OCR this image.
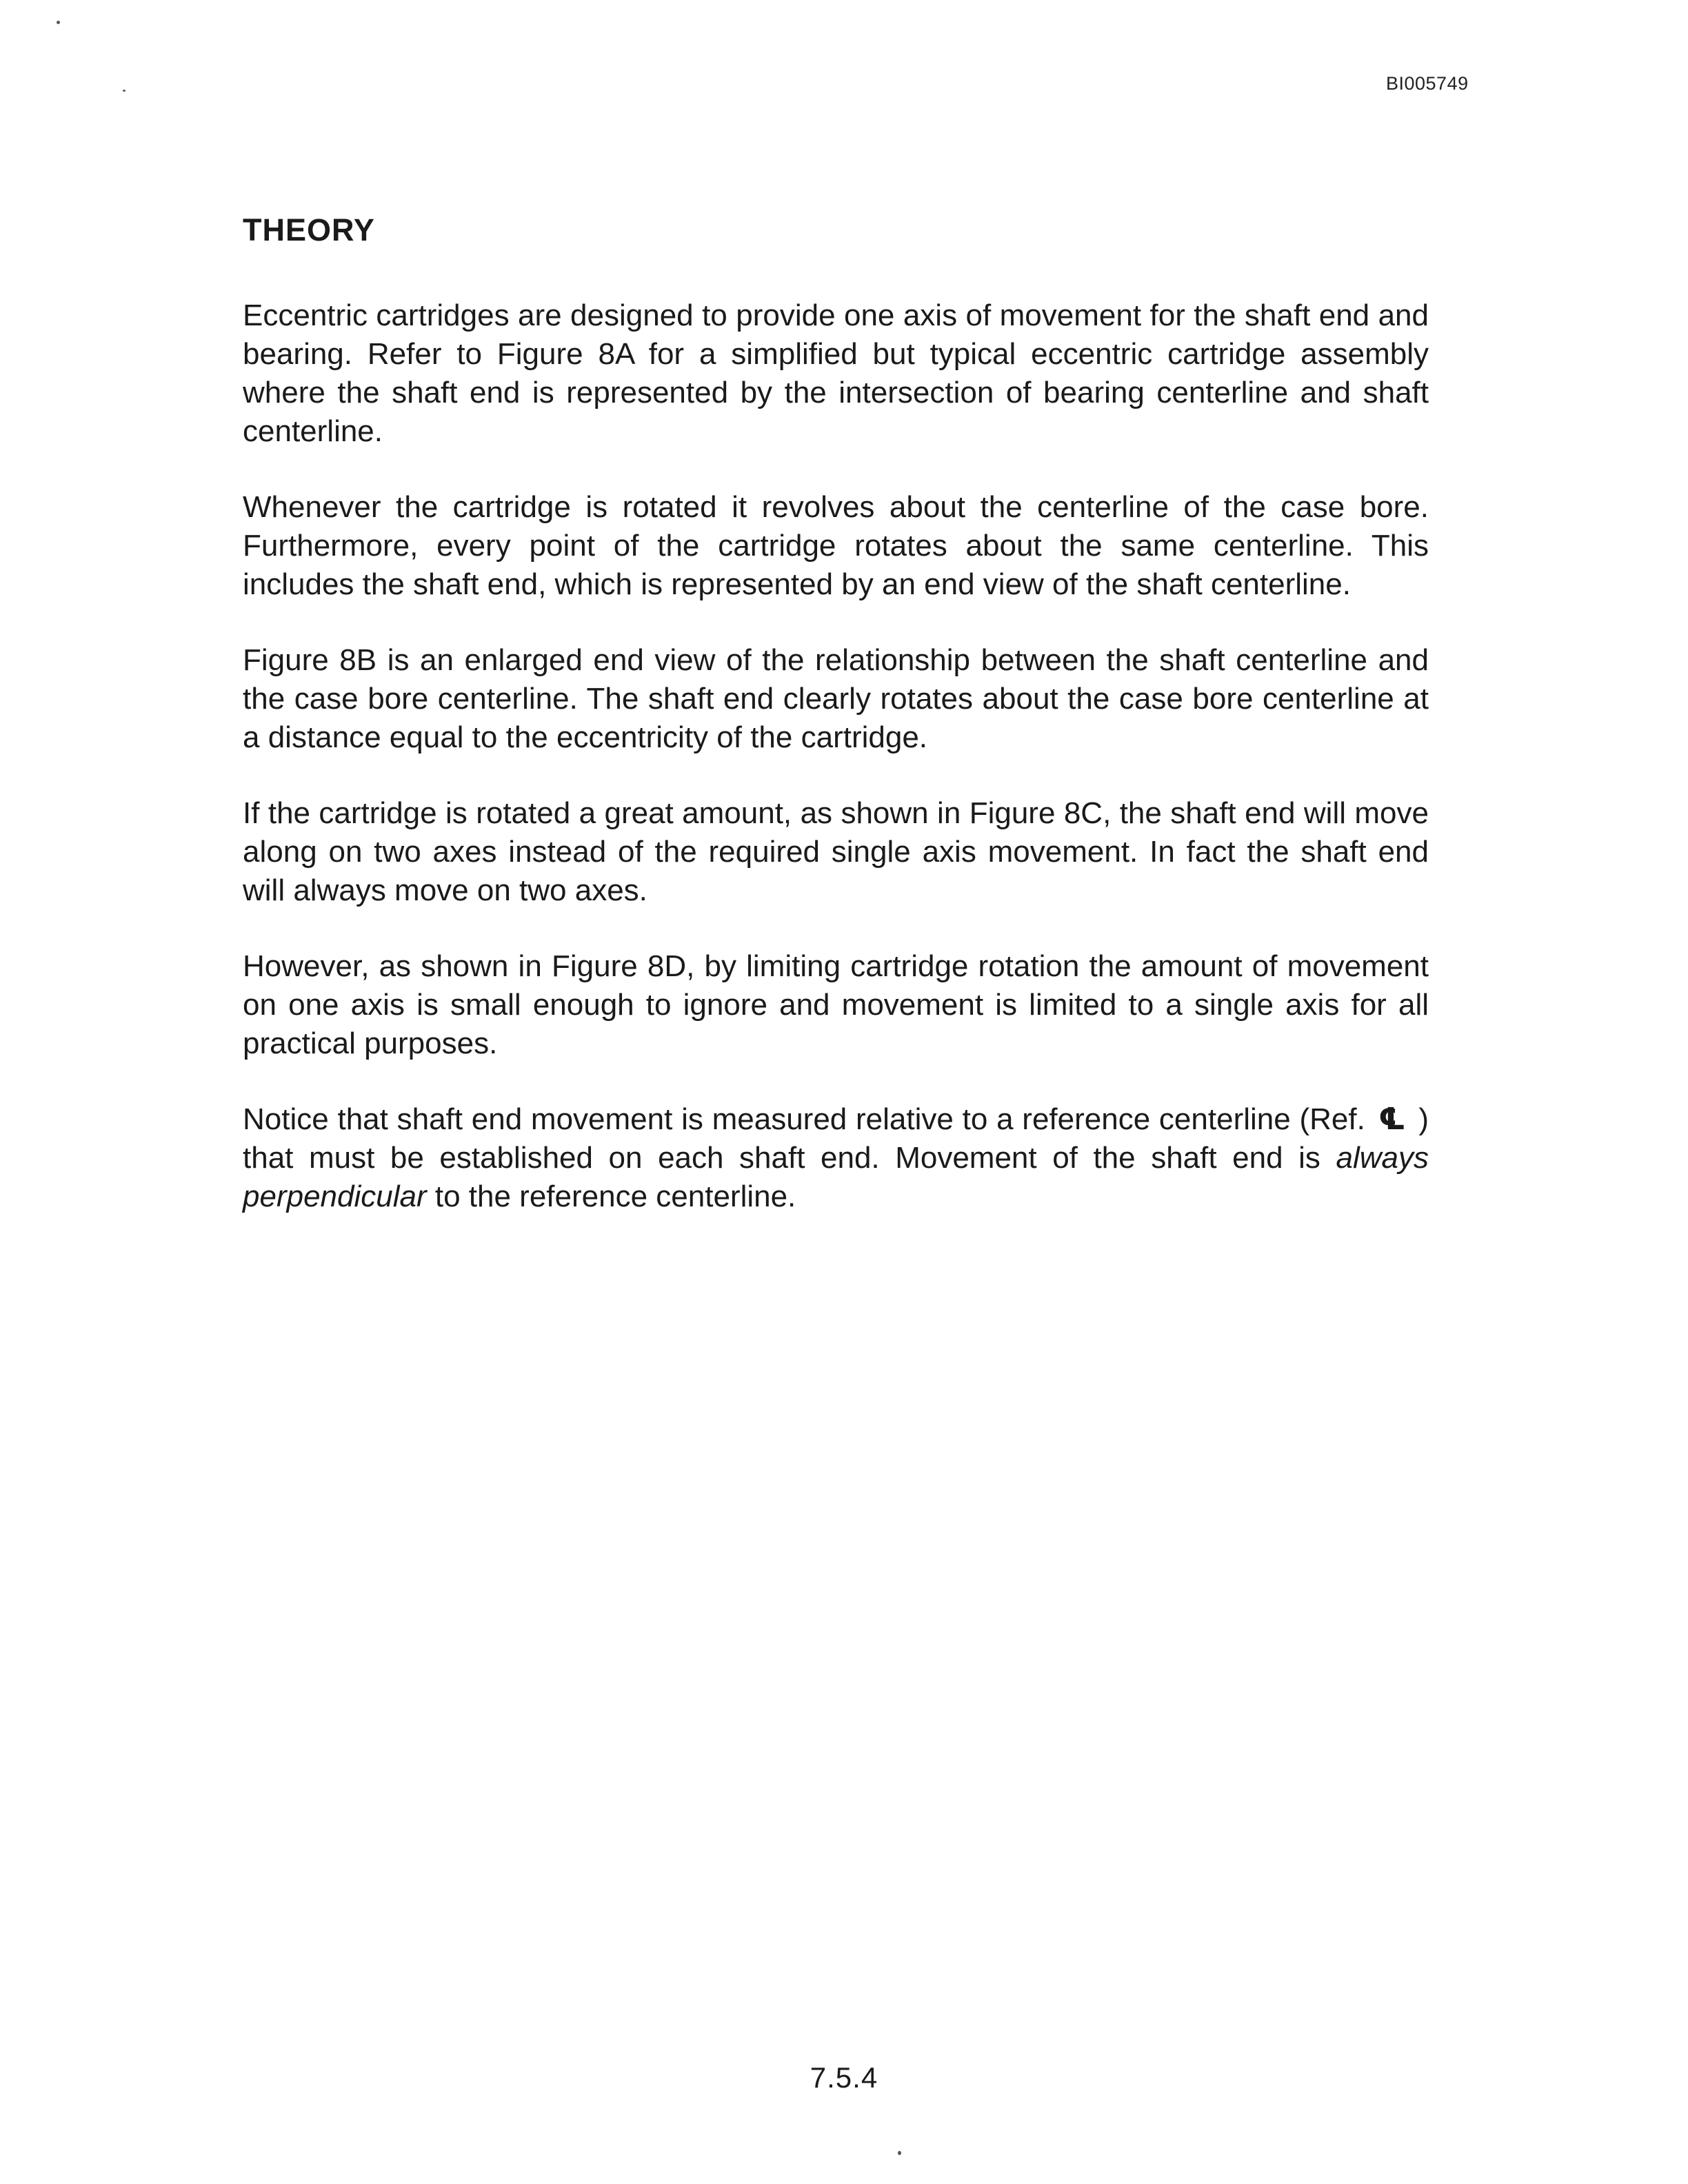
BI005749
THEORY

Eccentric cartridges are designed to provide one axis of movement for the shaft end and bearing. Refer to Figure 8A for a simplified but typical eccentric cartridge assembly where the shaft end is represented by the intersection of bearing centerline and shaft centerline.

Whenever the cartridge is rotated it revolves about the centerline of the case bore. Furthermore, every point of the cartridge rotates about the same centerline. This includes the shaft end, which is represented by an end view of the shaft centerline.

Figure 8B is an enlarged end view of the relationship between the shaft centerline and the case bore centerline. The shaft end clearly rotates about the case bore centerline at a distance equal to the eccentricity of the cartridge.

If the cartridge is rotated a great amount, as shown in Figure 8C, the shaft end will move along on two axes instead of the required single axis movement. In fact the shaft end will always move on two axes.

However, as shown in Figure 8D, by limiting cartridge rotation the amount of movement on one axis is small enough to ignore and movement is limited to a single axis for all practical purposes.

Notice that shaft end movement is measured relative to a reference centerline (Ref. ℄ ) that must be established on each shaft end. Movement of the shaft end is always perpendicular to the reference centerline.

7.5.4
